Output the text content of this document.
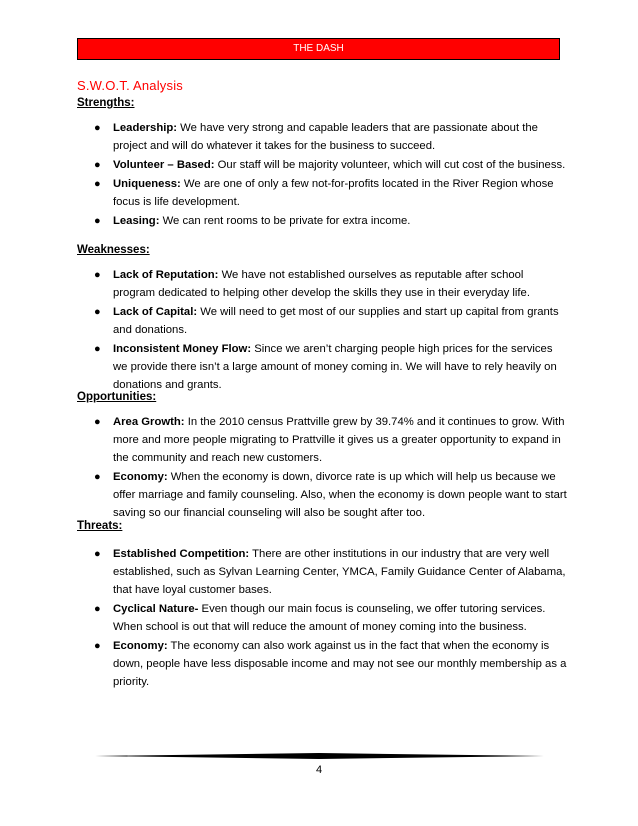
THE DASH
S.W.O.T. Analysis
Strengths:
● Leadership: We have very strong and capable leaders that are passionate about the project and will do whatever it takes for the business to succeed.
● Volunteer – Based: Our staff will be majority volunteer, which will cut cost of the business.
● Uniqueness: We are one of only a few not-for-profits located in the River Region whose focus is life development.
● Leasing: We can rent rooms to be private for extra income.
Weaknesses:
● Lack of Reputation: We have not established ourselves as reputable after school program dedicated to helping other develop the skills they use in their everyday life.
● Lack of Capital: We will need to get most of our supplies and start up capital from grants and donations.
● Inconsistent Money Flow: Since we aren’t charging people high prices for the services we provide there isn’t a large amount of money coming in. We will have to rely heavily on donations and grants.
Opportunities:
● Area Growth: In the 2010 census Prattville grew by 39.74% and it continues to grow. With more and more people migrating to Prattville it gives us a greater opportunity to expand in the community and reach new customers.
● Economy: When the economy is down, divorce rate is up which will help us because we offer marriage and family counseling. Also, when the economy is down people want to start saving so our financial counseling will also be sought after too.
Threats:
● Established Competition: There are other institutions in our industry that are very well established, such as Sylvan Learning Center, YMCA, Family Guidance Center of Alabama, that have loyal customer bases.
● Cyclical Nature- Even though our main focus is counseling, we offer tutoring services. When school is out that will reduce the amount of money coming into the business.
● Economy: The economy can also work against us in the fact that when the economy is down, people have less disposable income and may not see our monthly membership as a priority.
4
